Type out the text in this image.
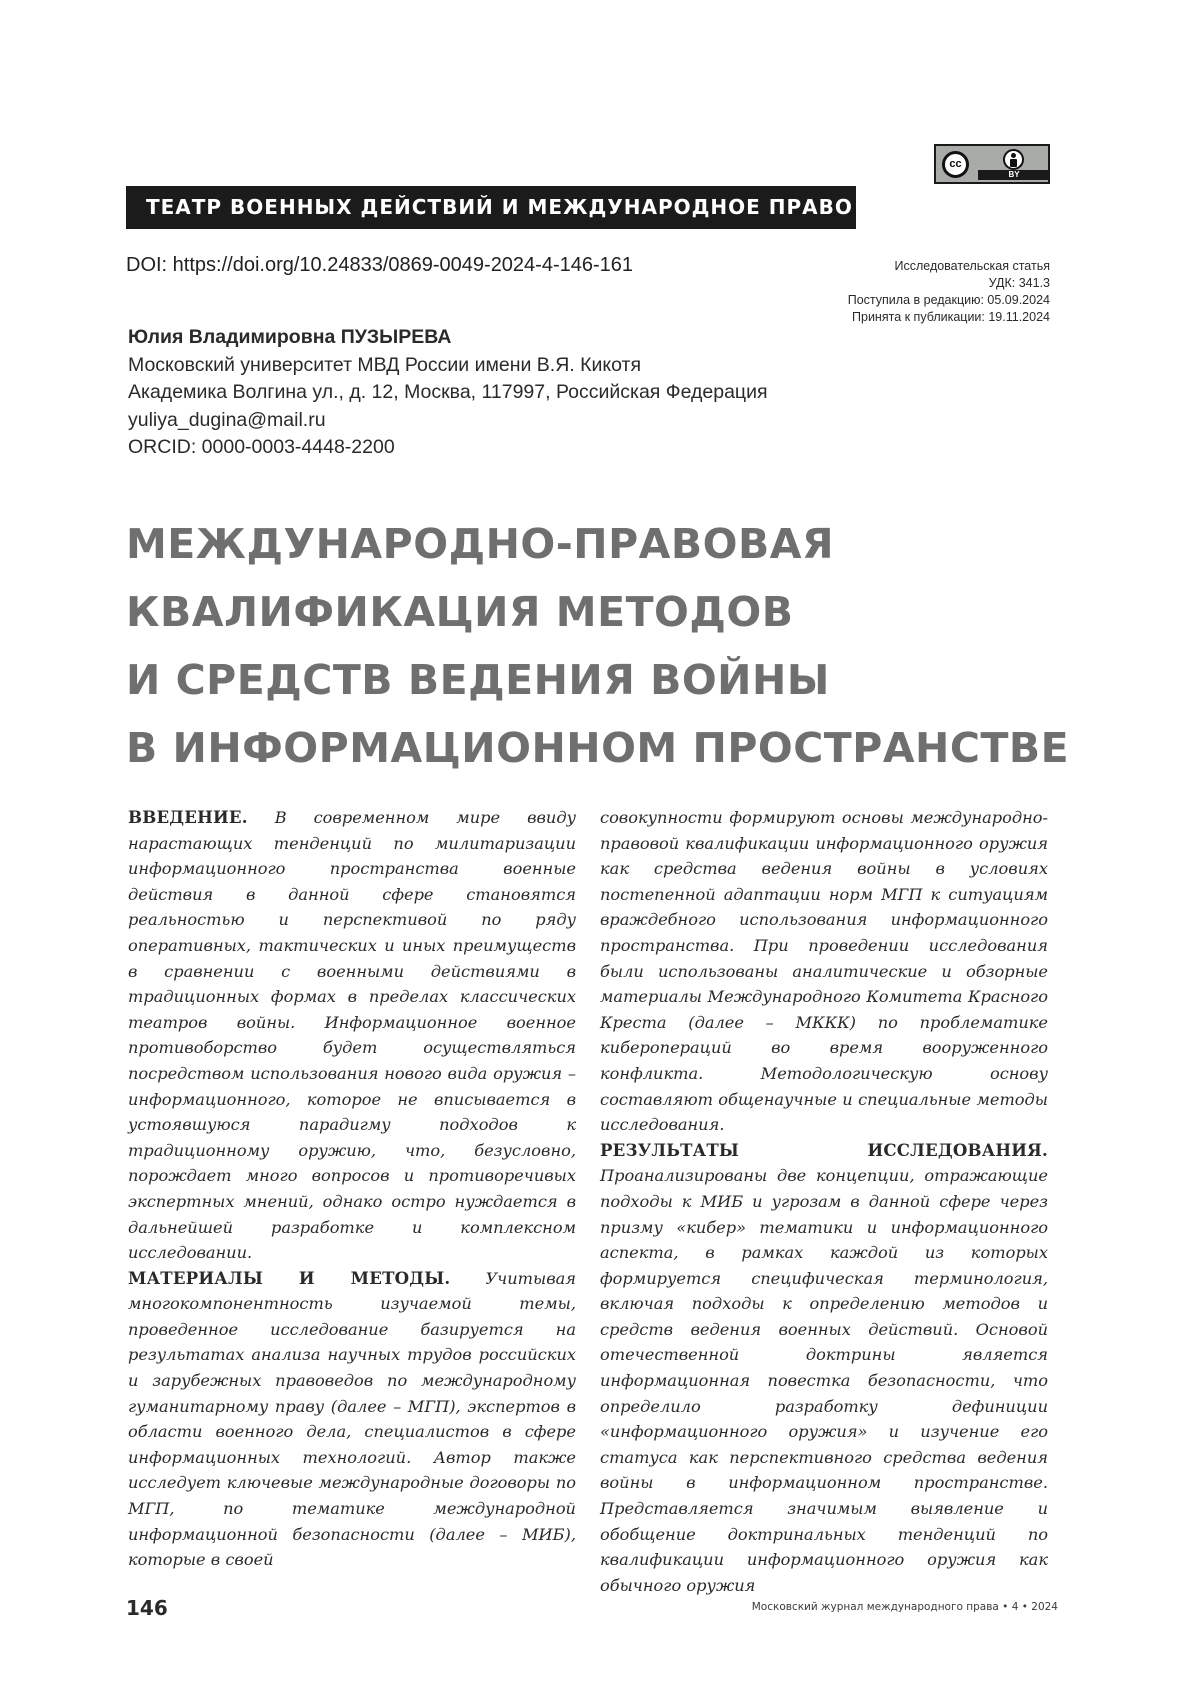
cc
BY
ТЕАТР ВОЕННЫХ ДЕЙСТВИЙ И МЕЖДУНАРОДНОЕ ПРАВО
DOI: https://doi.org/10.24833/0869-0049-2024-4-146-161	Исследовательская статья
УДК: 341.3
Поступила в редакцию: 05.09.2024
Принята к публикации: 19.11.2024
Юлия Владимировна ПУЗЫРЕВА
Московский университет МВД России имени В.Я. Кикотя
Академика Волгина ул., д. 12, Москва, 117997, Российская Федерация
yuliya_dugina@mail.ru
ORCID: 0000-0003-4448-2200
МЕЖДУНАРОДНО-ПРАВОВАЯ
КВАЛИФИКАЦИЯ МЕТОДОВ
И СРЕДСТВ ВЕДЕНИЯ ВОЙНЫ
В ИНФОРМАЦИОННОМ ПРОСТРАНСТВЕ

ВВЕДЕНИЕ. В современном мире ввиду нарастающих тенденций по милитаризации информационного пространства военные действия в данной сфере становятся реальностью и перспективой по ряду оперативных, тактических и иных преимуществ в сравнении с военными действиями в традиционных формах в пределах классических театров войны. Информационное военное противоборство будет осуществляться посредством использования нового вида оружия – информационного, которое не вписывается в устоявшуюся парадигму подходов к традиционному оружию, что, безусловно, порождает много вопросов и противоречивых экспертных мнений, однако остро нуждается в дальнейшей разработке и комплексном исследовании.

МАТЕРИАЛЫ И МЕТОДЫ. Учитывая многокомпонентность изучаемой темы, проведенное исследование базируется на результатах анализа научных трудов российских и зарубежных правоведов по международному гуманитарному праву (далее – МГП), экспертов в области военного дела, специалистов в сфере информационных технологий. Автор также исследует ключевые международные договоры по МГП, по тематике международной информационной безопасности (далее – МИБ), которые в своей

совокупности формируют основы международно-правовой квалификации информационного оружия как средства ведения войны в условиях постепенной адаптации норм МГП к ситуациям враждебного использования информационного пространства. При проведении исследования были использованы аналитические и обзорные материалы Международного Комитета Красного Креста (далее – МККК) по проблематике киберопераций во время вооруженного конфликта. Методологическую основу составляют общенаучные и специальные методы исследования.

РЕЗУЛЬТАТЫ ИССЛЕДОВАНИЯ. Проанализированы две концепции, отражающие подходы к МИБ и угрозам в данной сфере через призму «кибер» тематики и информационного аспекта, в рамках каждой из которых формируется специфическая терминология, включая подходы к определению методов и средств ведения военных действий. Основой отечественной доктрины является информационная повестка безопасности, что определило разработку дефиниции «информационного оружия» и изучение его статуса как перспективного средства ведения войны в информационном пространстве. Представляется значимым выявление и обобщение доктринальных тенденций по квалификации информационного оружия как обычного оружия

146	Московский журнал международного права • 4 • 2024
